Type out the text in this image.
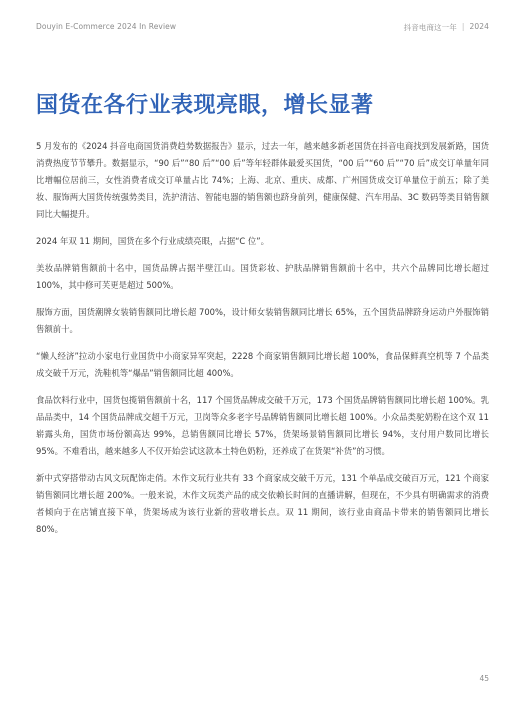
Douyin E-Commerce 2024 In Review	抖音电商这一年 | 2024
国货在各行业表现亮眼，增长显著

5 月发布的《2024 抖音电商国货消费趋势数据报告》显示，过去一年，越来越多新老国货在抖音电商找到发展新路，国货消费热度节节攀升。数据显示，“90 后”“80 后”“00 后”等年轻群体最爱买国货，“00 后”“60 后”“70 后”成交订单量年同比增幅位居前三，女性消费者成交订单量占比 74%；上海、北京、重庆、成都、广州国货成交订单量位于前五；除了美妆、服饰两大国货传统强势类目，洗护清洁、智能电器的销售额也跻身前列，健康保健、汽车用品、3C 数码等类目销售额同比大幅提升。

2024 年双 11 期间，国货在多个行业成绩亮眼，占据“C 位”。

美妆品牌销售额前十名中，国货品牌占据半壁江山。国货彩妆、护肤品牌销售额前十名中，共六个品牌同比增长超过 100%，其中修可芙更是超过 500%。

服饰方面，国货潮牌女装销售额同比增长超 700%，设计师女装销售额同比增长 65%，五个国货品牌跻身运动户外服饰销售额前十。

“懒人经济”拉动小家电行业国货中小商家异军突起，2228 个商家销售额同比增长超 100%，食品保鲜真空机等 7 个品类成交破千万元，洗鞋机等“爆品”销售额同比超 400%。

食品饮料行业中，国货包揽销售额前十名，117 个国货品牌成交破千万元，173 个国货品牌销售额同比增长超 100%。乳品品类中，14 个国货品牌成交超千万元，卫岗等众多老字号品牌销售额同比增长超 100%。小众品类驼奶粉在这个双 11 崭露头角，国货市场份额高达 99%，总销售额同比增长 57%，货架场景销售额同比增长 94%，支付用户数同比增长 95%。不难看出，越来越多人不仅开始尝试这款本土特色奶粉，还养成了在货架“补货”的习惯。

新中式穿搭带动古风文玩配饰走俏。木作文玩行业共有 33 个商家成交破千万元，131 个单品成交破百万元，121 个商家销售额同比增长超 200%。一般来说，木作文玩类产品的成交依赖长时间的直播讲解，但现在，不少具有明确需求的消费者倾向于在店铺直接下单，货架场成为该行业新的营收增长点。双 11 期间，该行业由商品卡带来的销售额同比增长 80%。

45
